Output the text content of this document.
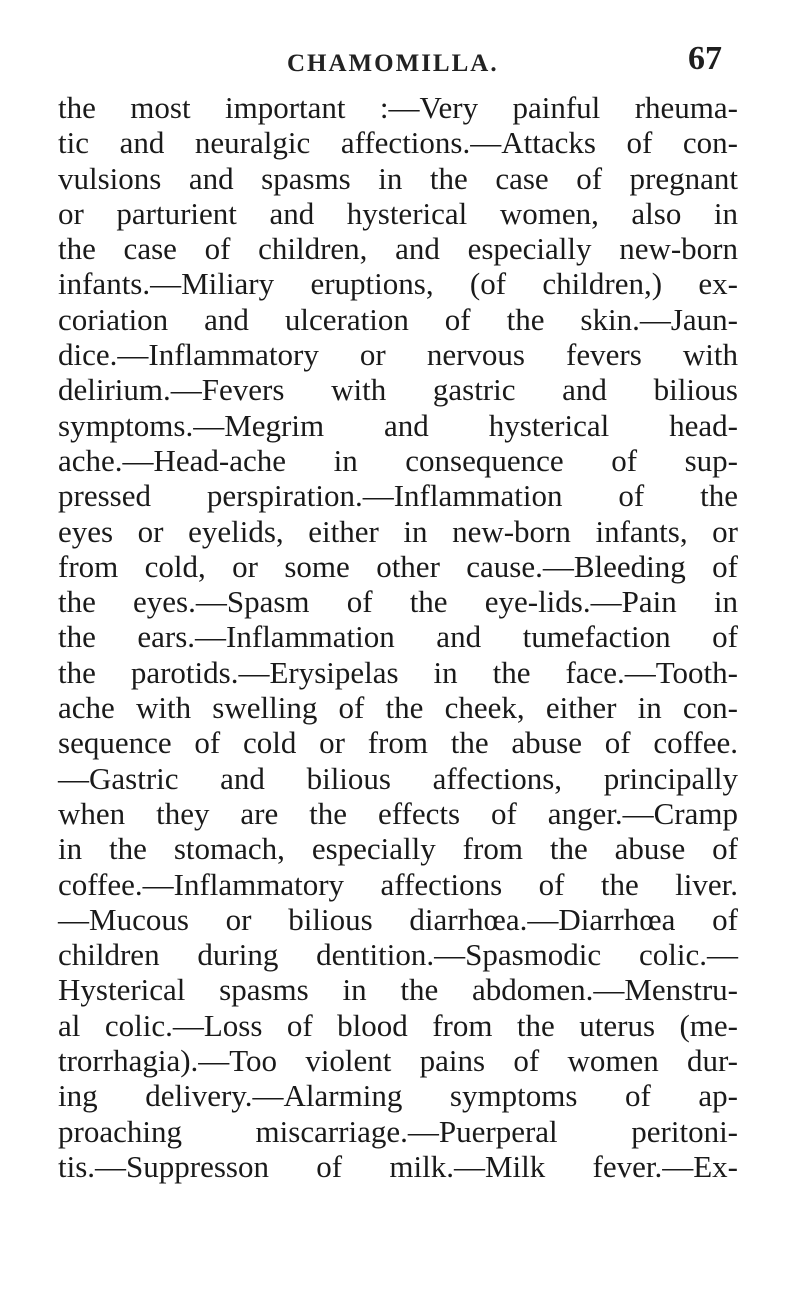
CHAMOMILLA.	67
the most important :—Very painful rheuma-
tic and neuralgic affections.—Attacks of con-
vulsions and spasms in the case of pregnant
or parturient and hysterical women, also in
the case of children, and especially new-born
infants.—Miliary eruptions, (of children,) ex-
coriation and ulceration of the skin.—Jaun-
dice.—Inflammatory or nervous fevers with
delirium.—Fevers with gastric and bilious
symptoms.—Megrim and hysterical head-
ache.—Head-ache in consequence of sup-
pressed perspiration.—Inflammation of the
eyes or eyelids, either in new-born infants, or
from cold, or some other cause.—Bleeding of
the eyes.—Spasm of the eye-lids.—Pain in
the ears.—Inflammation and tumefaction of
the parotids.—Erysipelas in the face.—Tooth-
ache with swelling of the cheek, either in con-
sequence of cold or from the abuse of coffee.
—Gastric and bilious affections, principally
when they are the effects of anger.—Cramp
in the stomach, especially from the abuse of
coffee.—Inflammatory affections of the liver.
—Mucous or bilious diarrhœa.—Diarrhœa of
children during dentition.—Spasmodic colic.—
Hysterical spasms in the abdomen.—Menstru-
al colic.—Loss of blood from the uterus (me-
trorrhagia).—Too violent pains of women dur-
ing delivery.—Alarming symptoms of ap-
proaching miscarriage.—Puerperal peritoni-
tis.—Suppresson of milk.—Milk fever.—Ex-
